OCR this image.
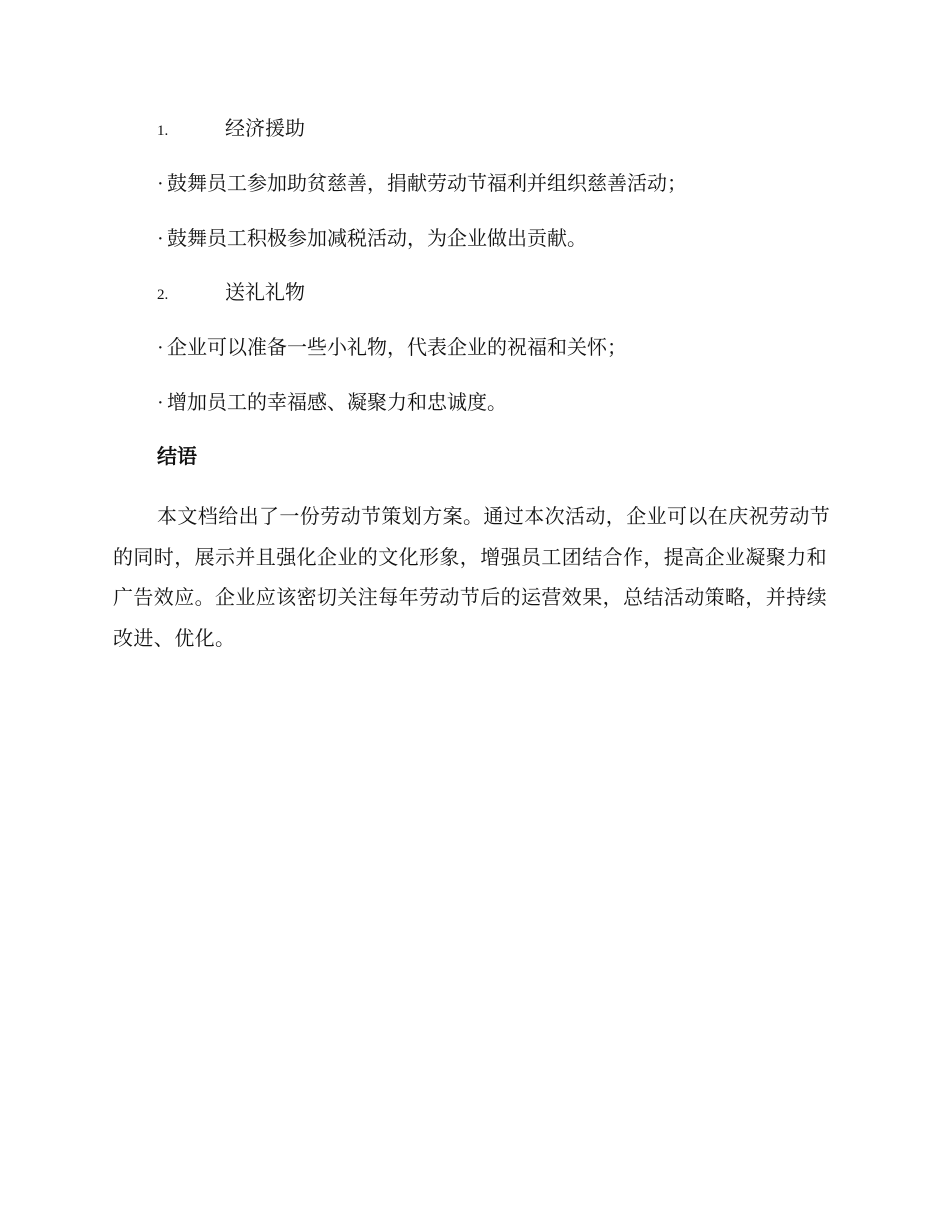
1.	经济援助
· 鼓舞员工参加助贫慈善，捐献劳动节福利并组织慈善活动；
· 鼓舞员工积极参加减税活动，为企业做出贡献。
2.	送礼礼物
· 企业可以准备一些小礼物，代表企业的祝福和关怀；
· 增加员工的幸福感、凝聚力和忠诚度。
结语

本文档给出了一份劳动节策划方案。通过本次活动，企业可以在庆祝劳动节的同时，展示并且强化企业的文化形象，增强员工团结合作，提高企业凝聚力和广告效应。企业应该密切关注每年劳动节后的运营效果，总结活动策略，并持续改进、优化。
